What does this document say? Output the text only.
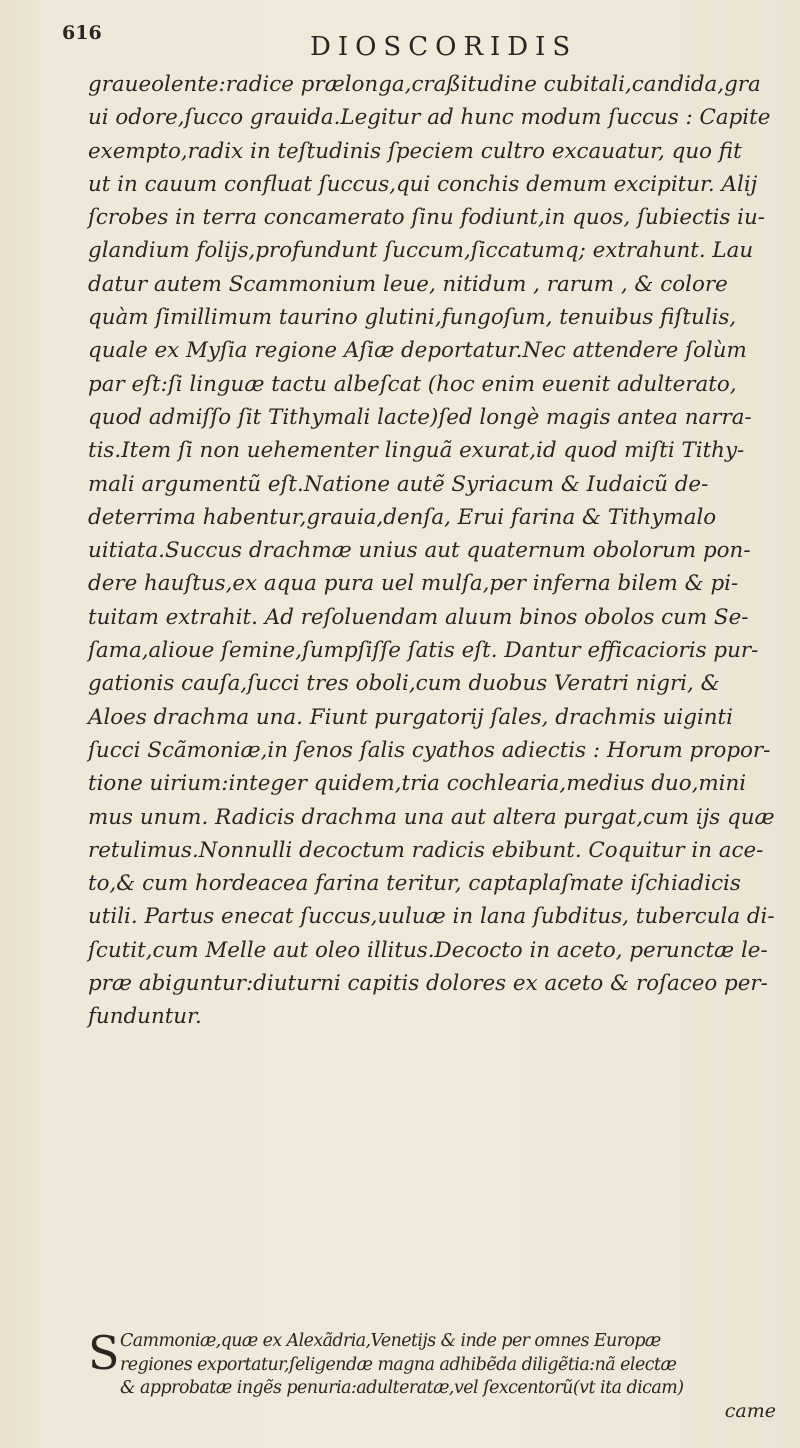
616	DIOSCORIDIS
graueolente:radice prælonga,craßitudine cubitali,candida,gra
ui odore,ſucco grauida.Legitur ad hunc modum ſuccus : Capite
exempto,radix in teſtudinis ſpeciem cultro excauatur, quo fit
ut in cauum confluat ſuccus,qui conchis demum excipitur. Alij
ſcrobes in terra concamerato ſinu fodiunt,in quos, ſubiectis iu-
glandium folijs,profundunt ſuccum,ſiccatumq; extrahunt. Lau
datur autem Scammonium leue, nitidum , rarum , & colore
quàm ſimillimum taurino glutini,fungoſum, tenuibus fiſtulis,
quale ex Myſia regione Aſiæ deportatur.Nec attendere ſolùm
par eſt:ſi linguæ tactu albeſcat (hoc enim euenit adulterato,
quod admiſſo ſit Tithymali lacte)ſed longè magis antea narra-
tis.Item ſi non uehementer linguã exurat,id quod miſti Tithy-
mali argumentũ eſt.Natione autẽ Syriacum & Iudaicũ de-
deterrima habentur,grauia,denſa, Erui farina & Tithymalo
uitiata.Succus drachmæ unius aut quaternum obolorum pon-
dere hauſtus,ex aqua pura uel mulſa,per inferna bilem & pi-
tuitam extrahit. Ad reſoluendam aluum binos obolos cum Se-
ſama,alioue ſemine,ſumpſiſſe ſatis eſt. Dantur efficacioris pur-
gationis cauſa,ſucci tres oboli,cum duobus Veratri nigri, &
Aloes drachma una. Fiunt purgatorij ſales, drachmis uiginti
ſucci Scãmoniæ,in ſenos ſalis cyathos adiectis : Horum propor-
tione uirium:integer quidem,tria cochlearia,medius duo,mini
mus unum. Radicis drachma una aut altera purgat,cum ijs quæ
retulimus.Nonnulli decoctum radicis ebibunt. Coquitur in ace-
to,& cum hordeacea farina teritur, captaplaſmate iſchiadicis
utili. Partus enecat ſuccus,uuluæ in lana ſubditus, tubercula di-
ſcutit,cum Melle aut oleo illitus.Decocto in aceto, perunctæ le-
præ abiguntur:diuturni capitis dolores ex aceto & roſaceo per-
funduntur.
S Cammoniæ,quæ ex Alexãdria,Venetijs & inde per omnes Europæ
regiones exportatur,ſeligendæ magna adhibẽda diligẽtia:nã electæ
& approbatæ ingẽs penuria:adulteratæ,vel ſexcentorũ(vt ita dicam)
came
